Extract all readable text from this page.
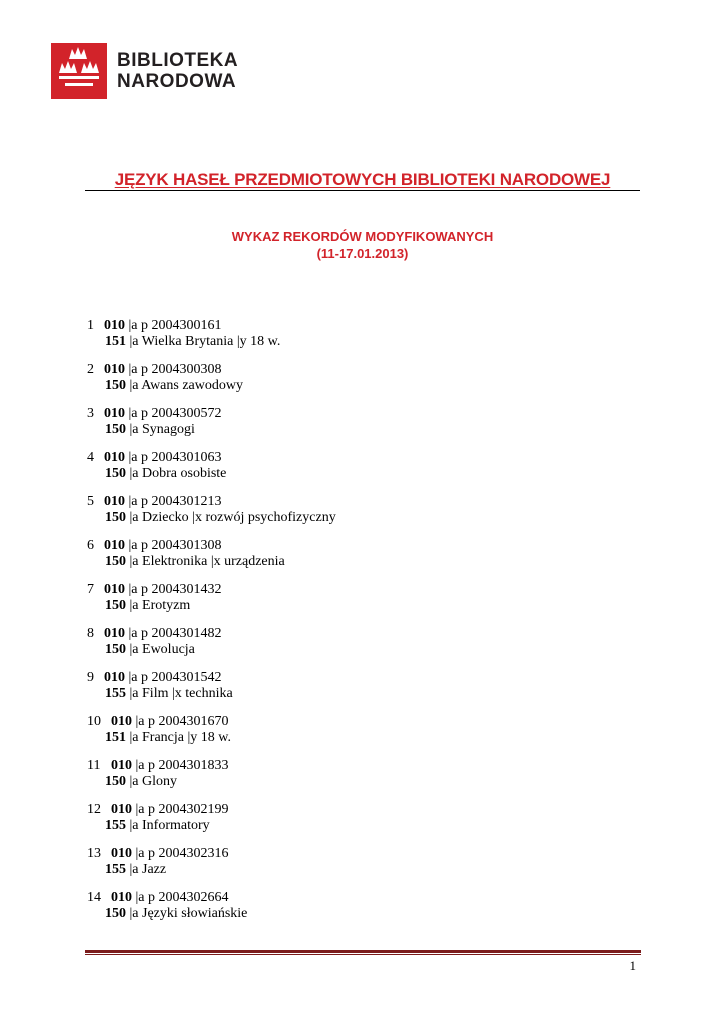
BIBLIOTEKA
NARODOWA
JĘZYK HASEŁ PRZEDMIOTOWYCH BIBLIOTEKI NARODOWEJ
WYKAZ REKORDÓW MODYFIKOWANYCH
(11-17.01.2013)
1 010 |a p 2004300161
151 |a Wielka Brytania |y 18 w.
2 010 |a p 2004300308
150 |a Awans zawodowy
3 010 |a p 2004300572
150 |a Synagogi
4 010 |a p 2004301063
150 |a Dobra osobiste
5 010 |a p 2004301213
150 |a Dziecko |x rozwój psychofizyczny
6 010 |a p 2004301308
150 |a Elektronika |x urządzenia
7 010 |a p 2004301432
150 |a Erotyzm
8 010 |a p 2004301482
150 |a Ewolucja
9 010 |a p 2004301542
155 |a Film |x technika
10 010 |a p 2004301670
151 |a Francja |y 18 w.
11 010 |a p 2004301833
150 |a Glony
12 010 |a p 2004302199
155 |a Informatory
13 010 |a p 2004302316
155 |a Jazz
14 010 |a p 2004302664
150 |a Języki słowiańskie
1
